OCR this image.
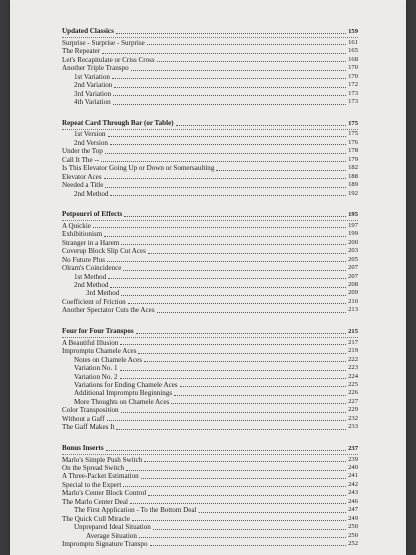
Updated Classics	159
Surprise - Surprise - Surprise	161
The Repeater	165
Let's Recapitulate or Criss Cross	168
Another Triple Transpo	170
1st Variation	170
2nd Variation	172
3rd Variation	173
4th Variation	173
Repeat Card Through Bar (or Table)	175
1st Version	175
2nd Version	176
Under the Top	178
Call It The --	179
Is This Elevator Going Up or Down or Somersaulting	182
Elevator Aces	188
Needed a Title	189
2nd Method	192
Potpourri of Effects	195
A Quickie	197
Exhibitionism	199
Stranger in a Harem	200
Coverup Block Slip Cut Aces	203
No Future Plus	205
Olram's Coincidence	207
1st Method	207
2nd Method	208
3rd Method	209
Coefficient of Friction	210
Another Spectator Cuts the Aces	213
Four for Four Transpos	215
A Beautiful Illusion	217
Impromptu Chamele Aces	219
Notes on Chamele Aces	222
Variation No. 1	223
Variation No. 2	224
Variations for Ending Chamele Aces	225
Additional Impromptu Beginnings	226
More Thoughts on Chamele Aces	227
Color Transposition	229
Without a Gaff	232
The Gaff Makes It	233
Bonus Inserts	237
Marlo's Simple Push Switch	239
On the Spread Switch	240
A Three-Packet Estimation	241
Special to the Expert	242
Marlo's Center Block Control	243
The Marlo Center Deal	246
The First Application - To the Bottom Deal	247
The Quick Cull Miracle	249
Unprepared Ideal Situation	250
Average Situation	250
Impromptu Signature Transpo	252
